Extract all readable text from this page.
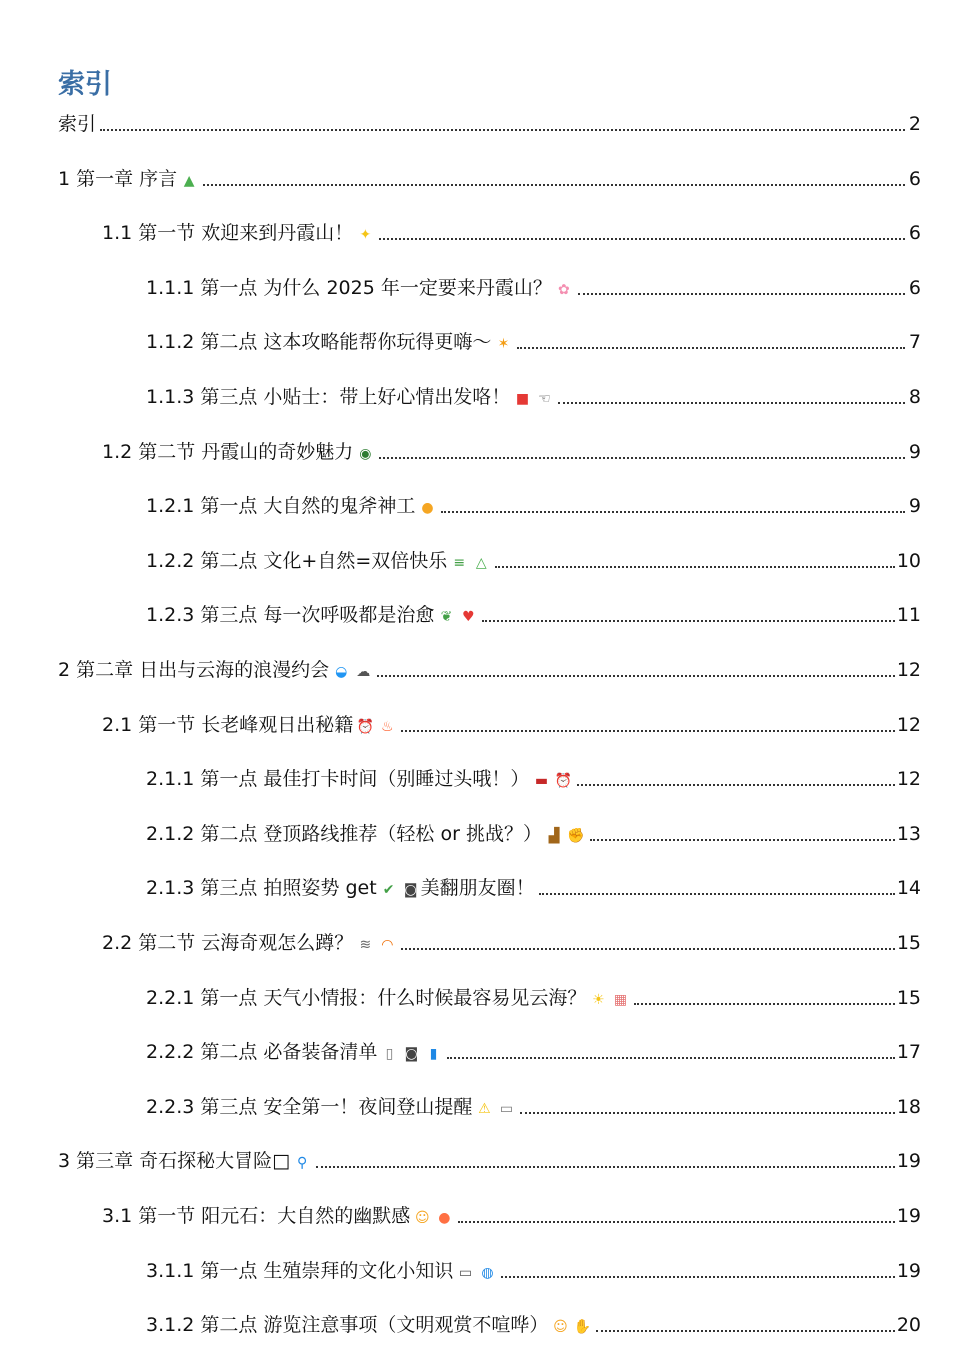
索引
索引	2
1 第一章 序言 ▲	6
1.1 第一节 欢迎来到丹霞山！ ✦	6
1.1.1 第一点 为什么 2025 年一定要来丹霞山？ ✿	6
1.1.2 第二点 这本攻略能帮你玩得更嗨～ ✶	7
1.1.3 第三点 小贴士：带上好心情出发咯！ ■ ☜	8
1.2 第二节 丹霞山的奇妙魅力 ◉	9
1.2.1 第一点 大自然的鬼斧神工 ●	9
1.2.2 第二点 文化+自然=双倍快乐 ≡ △	10
1.2.3 第三点 每一次呼吸都是治愈 ❦ ♥	11
2 第二章 日出与云海的浪漫约会 ◒ ☁	12
2.1 第一节 长老峰观日出秘籍 ⏰ ♨	12
2.1.1 第一点 最佳打卡时间（别睡过头哦！） ▬ ⏰	12
2.1.2 第二点 登顶路线推荐（轻松 or 挑战？） ▟ ✊	13
2.1.3 第三点 拍照姿势 get ✔ ◙ 美翻朋友圈！	14
2.2 第二节 云海奇观怎么蹲？ ≋ ◠	15
2.2.1 第一点 天气小情报：什么时候最容易见云海？ ☀ ▦	15
2.2.2 第二点 必备装备清单 ▯ ◙ ▮	17
2.2.3 第三点 安全第一！夜间登山提醒 ⚠ ▭	18
3 第三章 奇石探秘大冒险□ ⚲	19
3.1 第一节 阳元石：大自然的幽默感 ☺ ●	19
3.1.1 第一点 生殖崇拜的文化小知识 ▭ ◍	19
3.1.2 第二点 游览注意事项（文明观赏不喧哗） ☺ ✋	20
